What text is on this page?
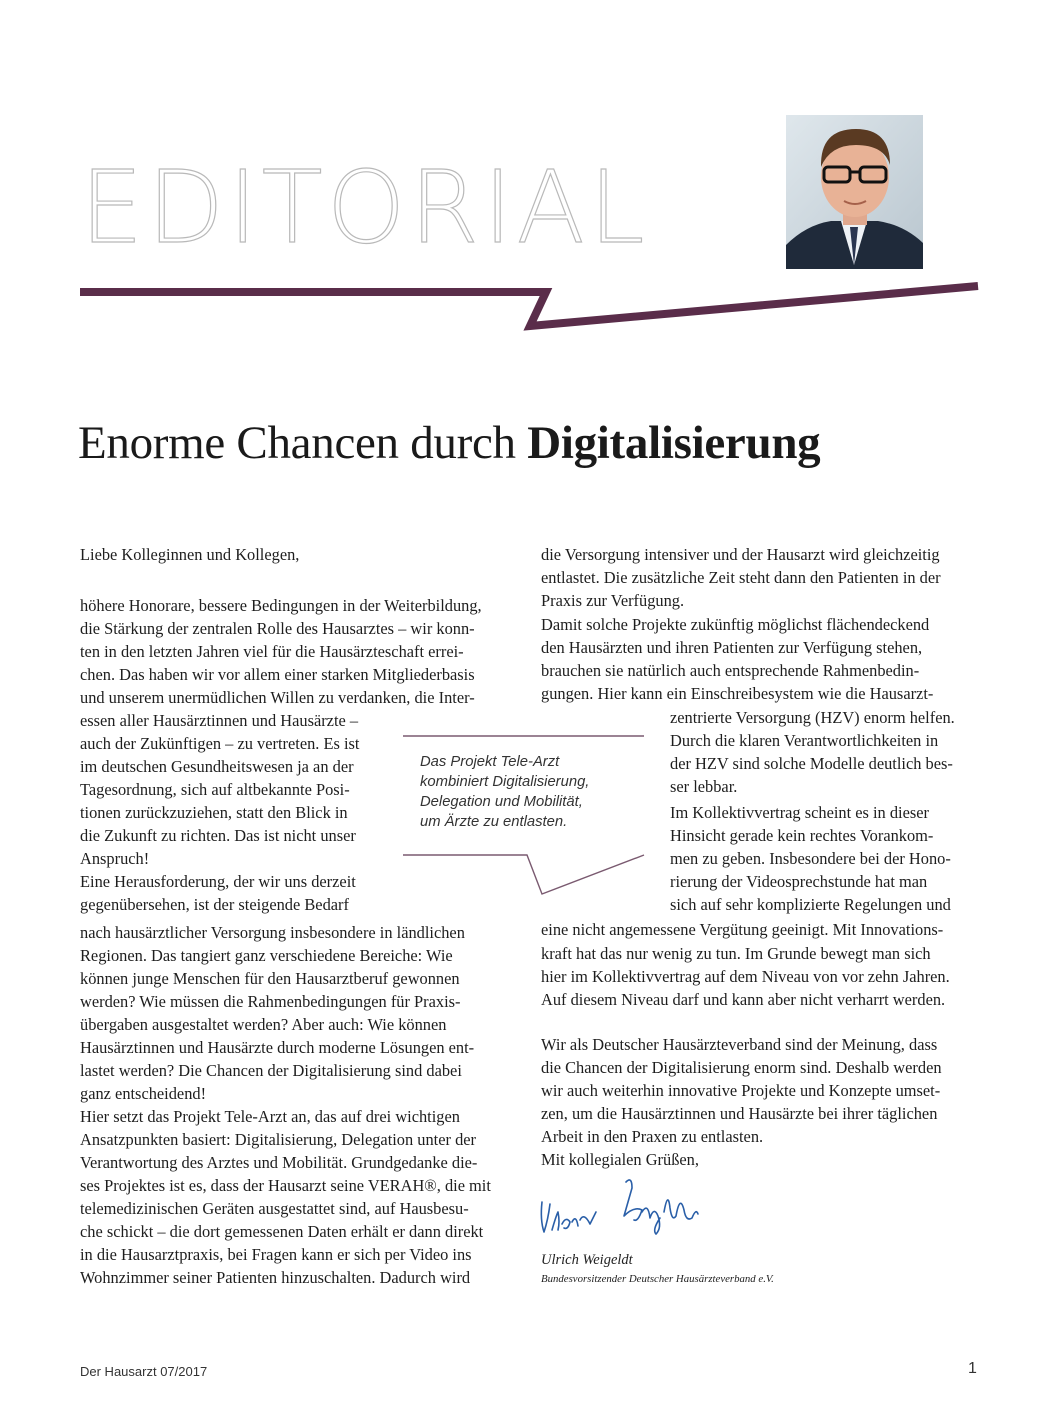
EDITORIAL
Enorme Chancen durch Digitalisierung
Liebe Kolleginnen und Kollegen,
höhere Honorare, bessere Bedingungen in der Weiterbildung,
die Stärkung der zentralen Rolle des Hausarztes – wir konn-
ten in den letzten Jahren viel für die Hausärzteschaft errei-
chen. Das haben wir vor allem einer starken Mitgliederbasis
und unserem unermüdlichen Willen zu verdanken, die Inter-
essen aller Hausärztinnen und Hausärzte –
auch der Zukünftigen – zu vertreten. Es ist
im deutschen Gesundheitswesen ja an der
Tagesordnung, sich auf altbekannte Posi-
tionen zurückzuziehen, statt den Blick in
die Zukunft zu richten. Das ist nicht unser
Anspruch!
Eine Herausforderung, der wir uns derzeit
gegenübersehen, ist der steigende Bedarf
nach hausärztlicher Versorgung insbesondere in ländlichen
Regionen. Das tangiert ganz verschiedene Bereiche: Wie
können junge Menschen für den Hausarztberuf gewonnen
werden? Wie müssen die Rahmenbedingungen für Praxis-
übergaben ausgestaltet werden? Aber auch: Wie können
Hausärztinnen und Hausärzte durch moderne Lösungen ent-
lastet werden? Die Chancen der Digitalisierung sind dabei
ganz entscheidend!
Hier setzt das Projekt Tele-Arzt an, das auf drei wichtigen
Ansatzpunkten basiert: Digitalisierung, Delegation unter der
Verantwortung des Arztes und Mobilität. Grundgedanke die-
ses Projektes ist es, dass der Hausarzt seine VERAH®, die mit
telemedizinischen Geräten ausgestattet sind, auf Hausbesu-
che schickt – die dort gemessenen Daten erhält er dann direkt
in die Hausarztpraxis, bei Fragen kann er sich per Video ins
Wohnzimmer seiner Patienten hinzuschalten. Dadurch wird
die Versorgung intensiver und der Hausarzt wird gleichzeitig
entlastet. Die zusätzliche Zeit steht dann den Patienten in der
Praxis zur Verfügung.
Damit solche Projekte zukünftig möglichst flächendeckend
den Hausärzten und ihren Patienten zur Verfügung stehen,
brauchen sie natürlich auch entsprechende Rahmenbedin-
gungen. Hier kann ein Einschreibesystem wie die Hausarzt-
zentrierte Versorgung (HZV) enorm helfen.
Durch die klaren Verantwortlichkeiten in
der HZV sind solche Modelle deutlich bes-
ser lebbar.
Im Kollektivvertrag scheint es in dieser
Hinsicht gerade kein rechtes Vorankom-
men zu geben. Insbesondere bei der Hono-
rierung der Videosprechstunde hat man
sich auf sehr komplizierte Regelungen und
eine nicht angemessene Vergütung geeinigt. Mit Innovations-
kraft hat das nur wenig zu tun. Im Grunde bewegt man sich
hier im Kollektivvertrag auf dem Niveau von vor zehn Jahren.
Auf diesem Niveau darf und kann aber nicht verharrt werden.
Wir als Deutscher Hausärzteverband sind der Meinung, dass
die Chancen der Digitalisierung enorm sind. Deshalb werden
wir auch weiterhin innovative Projekte und Konzepte umset-
zen, um die Hausärztinnen und Hausärzte bei ihrer täglichen
Arbeit in den Praxen zu entlasten.
Mit kollegialen Grüßen,
Das Projekt Tele-Arzt
kombiniert Digitalisierung,
Delegation und Mobilität,
um Ärzte zu entlasten.
Ulrich Weigeldt
Bundesvorsitzender Deutscher Hausärzteverband e.V.
Der Hausarzt 07/2017	1
